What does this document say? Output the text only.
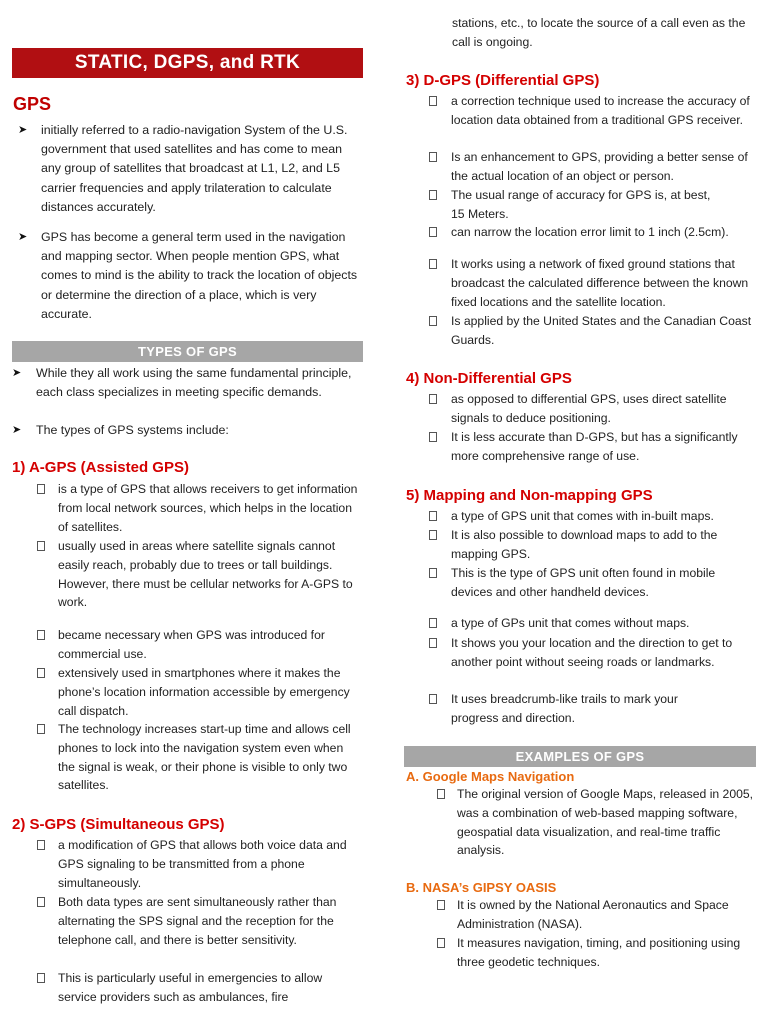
STATIC, DGPS, and RTK
GPS
➤	initially referred to a radio-navigation System of the U.S. government that used satellites and has come to mean any group of satellites that broadcast at L1, L2, and L5 carrier frequencies and apply trilateration to calculate distances accurately.
➤	GPS has become a general term used in the navigation and mapping sector. When people mention GPS, what comes to mind is the ability to track the location of objects or determine the direction of a place, which is very accurate.
TYPES OF GPS
➤	While they all work using the same fundamental principle, each class specializes in meeting specific demands.
➤	The types of GPS systems include:
1) A-GPS (Assisted GPS)
is a type of GPS that allows receivers to get information from local network sources, which helps in the location of satellites.
usually used in areas where satellite signals cannot easily reach, probably due to trees or tall buildings. However, there must be cellular networks for A-GPS to work.
became necessary when GPS was introduced for commercial use.
extensively used in smartphones where it makes the phone’s location information accessible by emergency call dispatch.
The technology increases start-up time and allows cell phones to lock into the navigation system even when the signal is weak, or their phone is visible to only two satellites.
2) S-GPS (Simultaneous GPS)
a modification of GPS that allows both voice data and GPS signaling to be transmitted from a phone simultaneously.
Both data types are sent simultaneously rather than alternating the SPS signal and the reception for the telephone call, and there is better sensitivity.
This is particularly useful in emergencies to allow service providers such as ambulances, fire
stations, etc., to locate the source of a call even as the call is ongoing.
3) D-GPS (Differential GPS)
a correction technique used to increase the accuracy of location data obtained from a traditional GPS receiver.
Is an enhancement to GPS, providing a better sense of the actual location of an object or person.
The usual range of accuracy for GPS is, at best, 15 Meters.
can narrow the location error limit to 1 inch (2.5cm).
It works using a network of fixed ground stations that broadcast the calculated difference between the known fixed locations and the satellite location.
Is applied by the United States and the Canadian Coast Guards.
4) Non-Differential GPS
as opposed to differential GPS, uses direct satellite signals to deduce positioning.
It is less accurate than D-GPS, but has a significantly more comprehensive range of use.
5) Mapping and Non-mapping GPS
a type of GPS unit that comes with in-built maps.
It is also possible to download maps to add to the mapping GPS.
This is the type of GPS unit often found in mobile devices and other handheld devices.
a type of GPs unit that comes without maps.
It shows you your location and the direction to get to another point without seeing roads or landmarks.
It uses breadcrumb-like trails to mark your progress and direction.
EXAMPLES OF GPS
A. Google Maps Navigation
The original version of Google Maps, released in 2005, was a combination of web-based mapping software, geospatial data visualization, and real-time traffic analysis.
B. NASA’s GIPSY OASIS
It is owned by the National Aeronautics and Space Administration (NASA).
It measures navigation, timing, and positioning using three geodetic techniques.
